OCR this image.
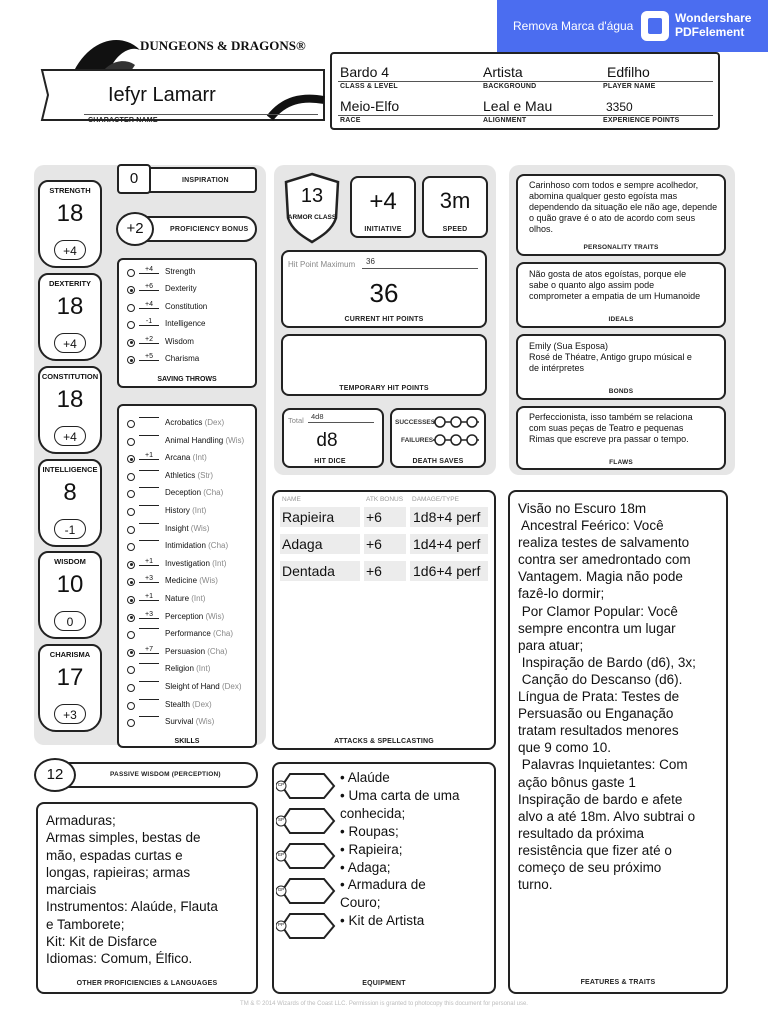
Remova Marca d'água
Wondershare
PDFelement
DUNGEONS & DRAGONS®
Iefyr Lamarr
CHARACTER NAME
Bardo 4	Artista	Edfilho
CLASS & LEVEL	BACKGROUND	PLAYER NAME
Meio-Elfo	Leal e Mau	3350
RACE	ALIGNMENT	EXPERIENCE POINTS
STRENGTH
18
+4
DEXTERITY
18
+4
CONSTITUTION
18
+4
INTELLIGENCE
8
-1
WISDOM
10
0
CHARISMA
17
+3
0	INSPIRATION
+2	PROFICIENCY BONUS
+4	Strength
+6	Dexterity
+4	Constitution
-1	Intelligence
+2	Wisdom
+5	Charisma
SAVING THROWS
Acrobatics (Dex)
Animal Handling (Wis)
+1	Arcana (Int)
Athletics (Str)
Deception (Cha)
History (Int)
Insight (Wis)
Intimidation (Cha)
+1	Investigation (Int)
+3	Medicine (Wis)
+1	Nature (Int)
+3	Perception (Wis)
Performance (Cha)
+7	Persuasion (Cha)
Religion (Int)
Sleight of Hand (Dex)
Stealth (Dex)
Survival (Wis)
SKILLS
13
ARMOR CLASS
+4
INITIATIVE
3m
SPEED
Hit Point Maximum 36
36
CURRENT HIT POINTS
TEMPORARY HIT POINTS
Total 4d8
d8
HIT DICE
SUCCESSES
FAILURES
DEATH SAVES
Carinhoso com todos e sempre acolhedor,
abomina qualquer gesto egoísta mas
dependendo da situação ele não age, depende
o quão grave é o ato de acordo com seus
olhos.
PERSONALITY TRAITS
Não gosta de atos egoístas, porque ele
sabe o quanto algo assim pode
comprometer a empatia de um Humanoide
IDEALS
Emily (Sua Esposa)
Rosé de Théatre, Antigo grupo músical e
de intérpretes
BONDS
Perfeccionista, isso também se relaciona
com suas peças de Teatro e pequenas
Rimas que escreve pra passar o tempo.
FLAWS
NAME	ATK BONUS DAMAGE/TYPE
Rapieira +6 1d8+4 perf
Adaga	+6 1d4+4 perf
Dentada +6 1d6+4 perf
ATTACKS & SPELLCASTING
Visão no Escuro 18m
Ancestral Feérico: Você
realiza testes de salvamento
contra ser amedrontado com
Vantagem. Magia não pode
fazê-lo dormir;
Por Clamor Popular: Você
sempre encontra um lugar
para atuar;
Inspiração de Bardo (d6), 3x;
Canção do Descanso (d6).
Língua de Prata: Testes de
Persuasão ou Enganação
tratam resultados menores
que 9 como 10.
Palavras Inquietantes: Com
ação bônus gaste 1
Inspiração de bardo e afete
alvo a até 18m. Alvo subtrai o
resultado da próxima
resistência que fizer até o
começo de seu próximo
turno.
FEATURES & TRAITS
12	PASSIVE WISDOM (PERCEPTION)
Armaduras;
Armas simples, bestas de
mão, espadas curtas e
longas, rapieiras; armas
marciais
Instrumentos: Alaúde, Flauta
e Tamborete;
Kit: Kit de Disfarce
Idiomas: Comum, Élfico.
OTHER PROFICIENCIES & LANGUAGES
CP
SP
EP
GP
PP
• Alaúde
• Uma carta de uma
conhecida;
• Roupas;
• Rapieira;
• Adaga;
• Armadura de
Couro;
• Kit de Artista
EQUIPMENT
TM & © 2014 Wizards of the Coast LLC. Permission is granted to photocopy this document for personal use.
